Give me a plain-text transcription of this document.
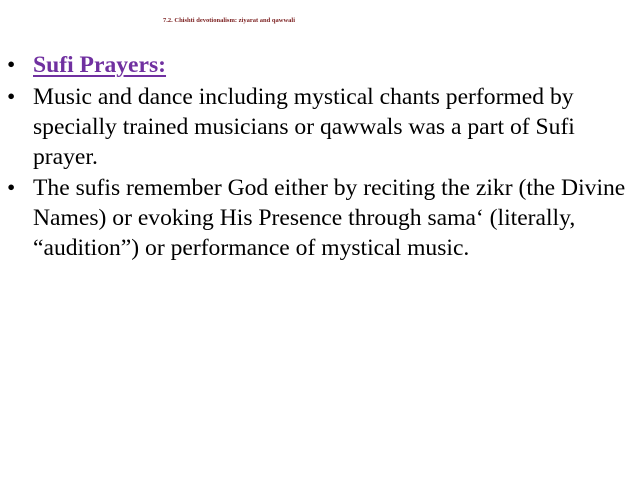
7.2. Chishti devotionalism: ziyarat and qawwali
• Sufi Prayers:
• Music and dance including mystical chants performed by specially trained musicians or qawwals was a part of Sufi prayer.
• The sufis remember God either by reciting the zikr (the Divine Names) or evoking His Presence through sama‘ (literally, “audition”) or performance of mystical music.
